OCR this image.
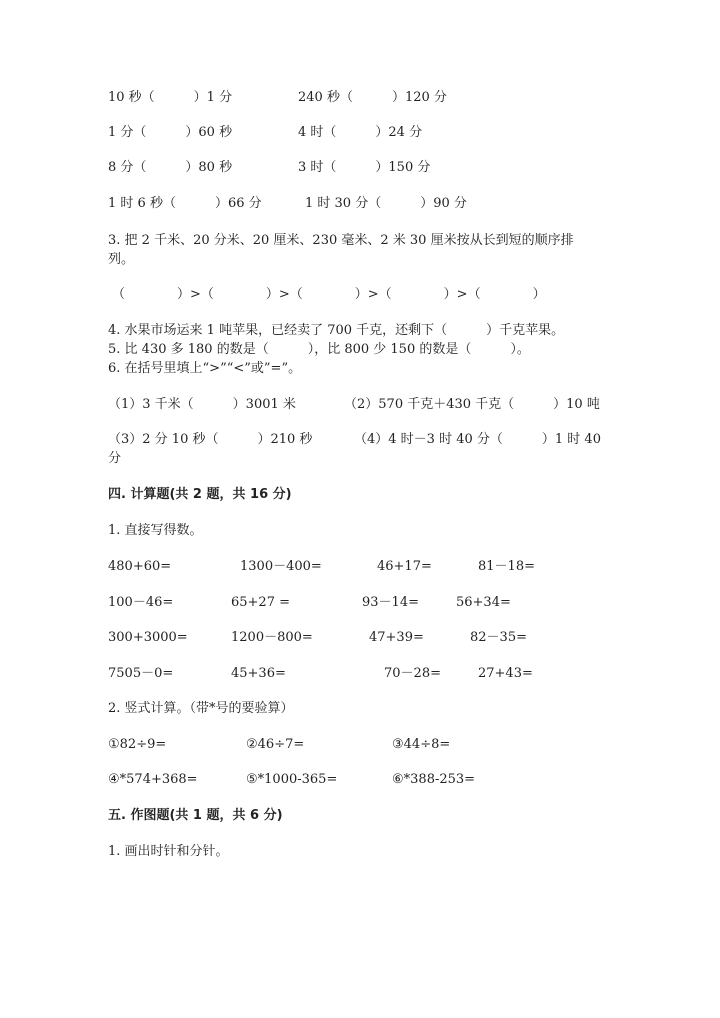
10 秒（　　　）1 分	240 秒（　　　）120 分
1 分（　　　）60 秒	4 时（　　　）24 分
8 分（　　　）80 秒	3 时（　　　）150 分
1 时 6 秒（　　　）66 分	1 时 30 分（　　　）90 分
3. 把 2 千米、20 分米、20 厘米、230 毫米、2 米 30 厘米按从长到短的顺序排
列。
（　　　　）>（　　　　）>（　　　　）>（　　　　）>（　　　　）
4. 水果市场运来 1 吨苹果，已经卖了 700 千克，还剩下（　　　）千克苹果。
5. 比 430 多 180 的数是（　　　），比 800 少 150 的数是（　　　）。
6. 在括号里填上“>”“<”或”=”。
（1）3 千米（　　　）3001 米	（2）570 千克＋430 千克（　　　）10 吨
（3）2 分 10 秒（　　　）210 秒	（4）4 时－3 时 40 分（　　　）1 时 40
分
四. 计算题(共 2 题，共 16 分)
1. 直接写得数。
480+60=	1300－400=	46+17=	81－18=
100－46=	65+27 =	93－14=	56+34=
300+3000=	1200－800=	47+39=	82－35=
7505－0=	45+36=	70－28=	27+43=
2. 竖式计算。（带*号的要验算）
①82÷9=	②46÷7=	③44÷8=
④*574+368=	⑤*1000-365=	⑥*388-253=
五. 作图题(共 1 题，共 6 分)
1. 画出时针和分针。
